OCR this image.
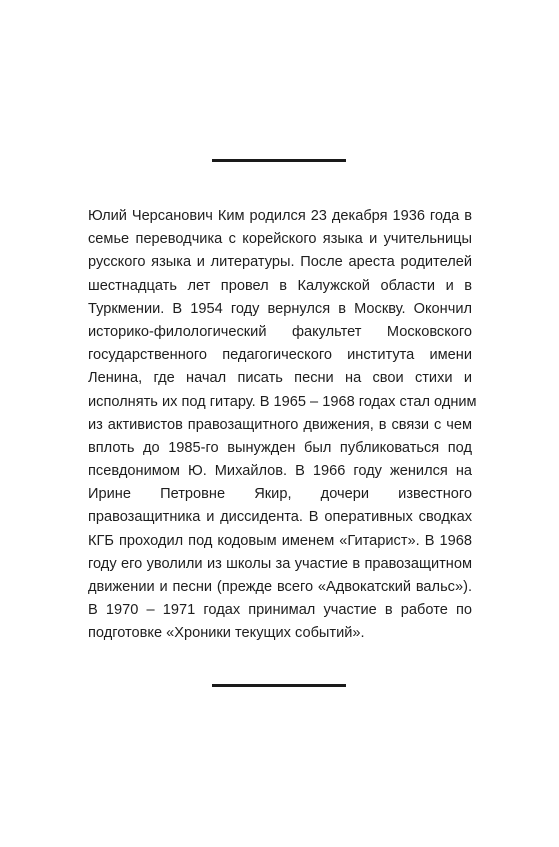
Юлий Черсанович Ким родился 23 декабря 1936 года в
семье переводчика с корейского языка и учительницы
русского языка и литературы. После ареста родителей
шестнадцать лет провел в Калужской области и в
Туркмении. В 1954 году вернулся в Москву. Окончил
историко-филологический факультет Московского
государственного педагогического института имени
Ленина, где начал писать песни на свои стихи и
исполнять их под гитару. В 1965 – 1968 годах стал одним
из активистов правозащитного движения, в связи с чем
вплоть до 1985-го вынужден был публиковаться под
псевдонимом Ю. Михайлов. В 1966 году женился на
Ирине Петровне Якир, дочери известного
правозащитника и диссидента. В оперативных сводках
КГБ проходил под кодовым именем «Гитарист». В 1968
году его уволили из школы за участие в правозащитном
движении и песни (прежде всего «Адвокатский вальс»).
В 1970 – 1971 годах принимал участие в работе по
подготовке «Хроники текущих событий».
